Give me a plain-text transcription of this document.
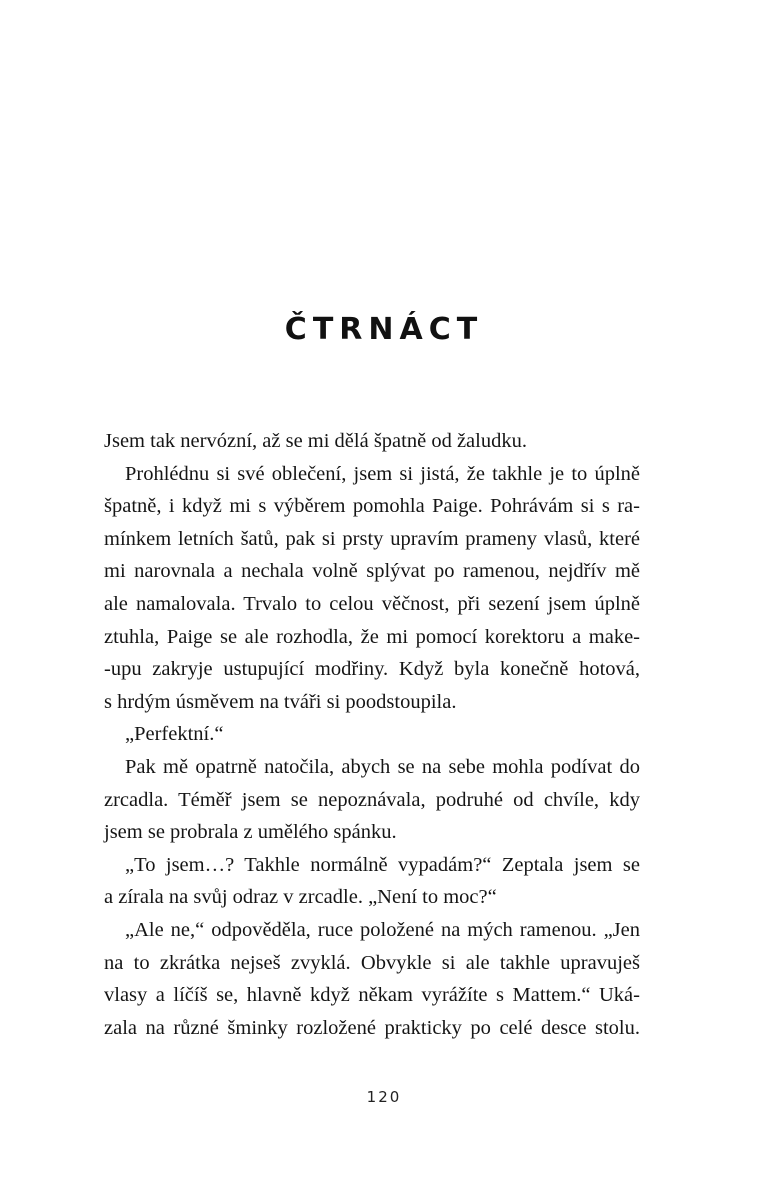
ČTRNÁCT
Jsem tak nervózní, až se mi dělá špatně od žaludku.
Prohlédnu si své oblečení, jsem si jistá, že takhle je to úplně
špatně, i když mi s výběrem pomohla Paige. Pohrávám si s ra-
mínkem letních šatů, pak si prsty upravím prameny vlasů, které
mi narovnala a nechala volně splývat po ramenou, nejdřív mě
ale namalovala. Trvalo to celou věčnost, při sezení jsem úplně
ztuhla, Paige se ale rozhodla, že mi pomocí korektoru a make-
-upu zakryje ustupující modřiny. Když byla konečně hotová,
s hrdým úsměvem na tváři si poodstoupila.
„Perfektní.“
Pak mě opatrně natočila, abych se na sebe mohla podívat do
zrcadla. Téměř jsem se nepoznávala, podruhé od chvíle, kdy
jsem se probrala z umělého spánku.
„To jsem…? Takhle normálně vypadám?“ Zeptala jsem se
a zírala na svůj odraz v zrcadle. „Není to moc?“
„Ale ne,“ odpověděla, ruce položené na mých ramenou. „Jen
na to zkrátka nejseš zvyklá. Obvykle si ale takhle upravuješ
vlasy a líčíš se, hlavně když někam vyrážíte s Mattem.“ Uká-
zala na různé šminky rozložené prakticky po celé desce stolu.
120
